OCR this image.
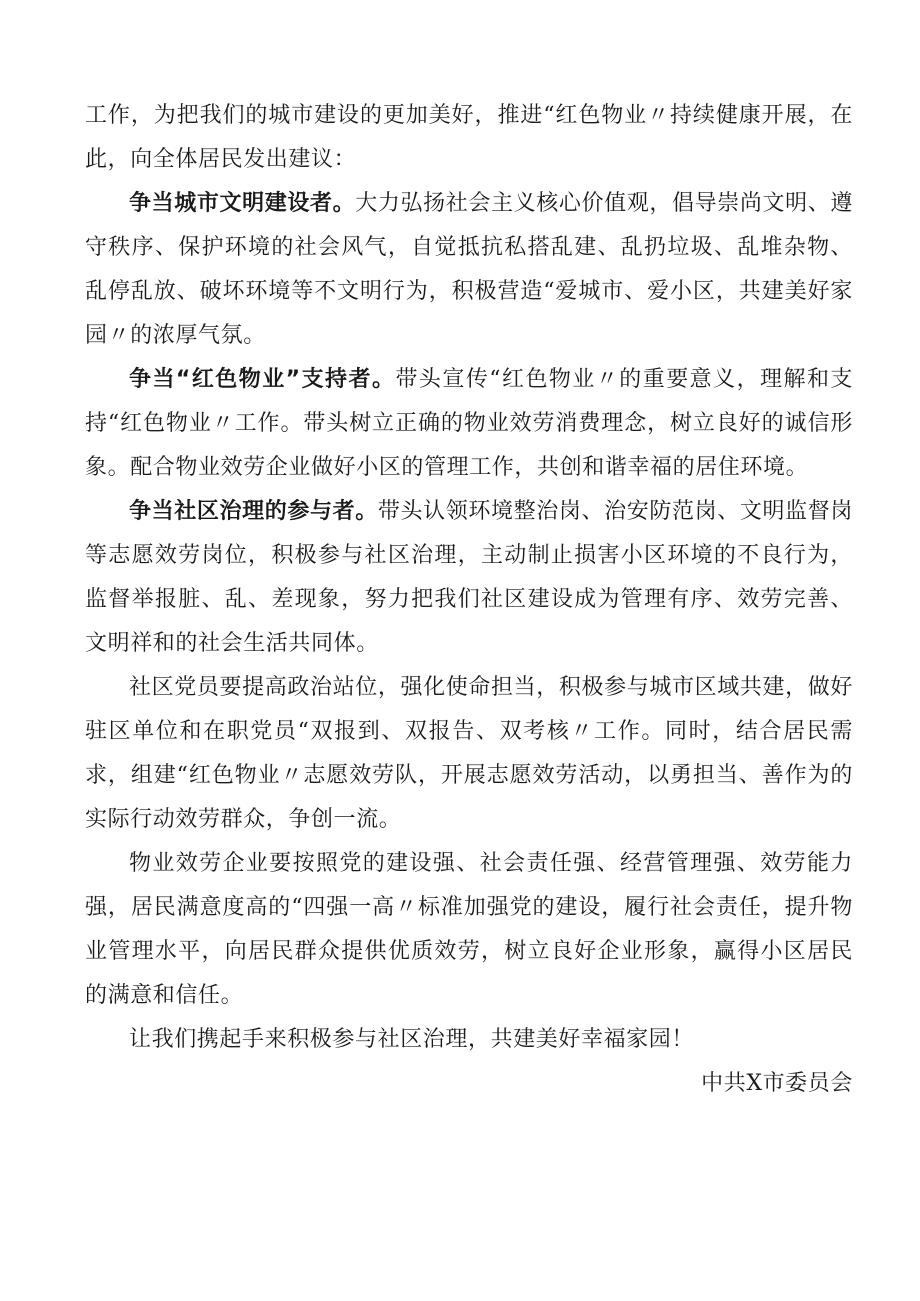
工作，为把我们的城市建设的更加美好，推进“红色物业〃持续健康开展，在此，向全体居民发出建议：

争当城市文明建设者。大力弘扬社会主义核心价值观，倡导崇尚文明、遵守秩序、保护环境的社会风气，自觉抵抗私搭乱建、乱扔垃圾、乱堆杂物、乱停乱放、破坏环境等不文明行为，积极营造“爱城市、爱小区，共建美好家园〃的浓厚气氛。

争当“红色物业”支持者。带头宣传“红色物业〃的重要意义，理解和支持“红色物业〃工作。带头树立正确的物业效劳消费理念，树立良好的诚信形象。配合物业效劳企业做好小区的管理工作，共创和谐幸福的居住环境。

争当社区治理的参与者。带头认领环境整治岗、治安防范岗、文明监督岗等志愿效劳岗位，积极参与社区治理，主动制止损害小区环境的不良行为，监督举报脏、乱、差现象，努力把我们社区建设成为管理有序、效劳完善、文明祥和的社会生活共同体。

社区党员要提高政治站位，强化使命担当，积极参与城市区域共建，做好驻区单位和在职党员“双报到、双报告、双考核〃工作。同时，结合居民需求，组建“红色物业〃志愿效劳队，开展志愿效劳活动，以勇担当、善作为的实际行动效劳群众，争创一流。

物业效劳企业要按照党的建设强、社会责任强、经营管理强、效劳能力强，居民满意度高的“四强一高〃标准加强党的建设，履行社会责任，提升物业管理水平，向居民群众提供优质效劳，树立良好企业形象，赢得小区居民的满意和信任。

让我们携起手来积极参与社区治理，共建美好幸福家园！

中共X市委员会
